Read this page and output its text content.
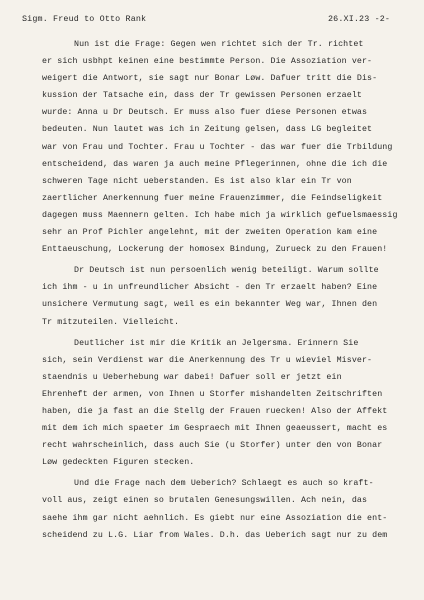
Sigm. Freud to Otto Rank	26.XI.23 -2-
Nun ist die Frage: Gegen wen richtet sich der Tr. richtet
er sich usbhpt keinen eine bestimmte Person. Die Assoziation ver-
weigert die Antwort, sie sagt nur Bonar Løw. Dafuer tritt die Dis-
kussion der Tatsache ein, dass der Tr gewissen Personen erzaelt
wurde: Anna u Dr Deutsch. Er muss also fuer diese Personen etwas
bedeuten. Nun lautet was ich in Zeitung gelsen, dass LG begleitet
war von Frau und Tochter. Frau u Tochter - das war fuer die Trbildung
entscheidend, das waren ja auch meine Pflegerinnen, ohne die ich die
schweren Tage nicht ueberstanden. Es ist also klar ein Tr von
zaertlicher Anerkennung fuer meine Frauenzimmer, die Feindseligkeit
dagegen muss Maennern gelten. Ich habe mich ja wirklich gefuelsmaessig
sehr an Prof Pichler angelehnt, mit der zweiten Operation kam eine
Enttaeuschung, Lockerung der homosex Bindung, Zurueck zu den Frauen!
Dr Deutsch ist nun persoenlich wenig beteiligt. Warum sollte
ich ihm - u in unfreundlicher Absicht - den Tr erzaelt haben? Eine
unsichere Vermutung sagt, weil es ein bekannter Weg war, Ihnen den
Tr mitzuteilen. Vielleicht.
Deutlicher ist mir die Kritik an Jelgersma. Erinnern Sie
sich, sein Verdienst war die Anerkennung des Tr u wieviel Misver-
staendnis u Ueberhebung war dabei! Dafuer soll er jetzt ein
Ehrenheft der armen, von Ihnen u Storfer mishandelten Zeitschriften
haben, die ja fast an die Stellg der Frauen ruecken! Also der Affekt
mit dem ich mich spaeter im Gespraech mit Ihnen geaeussert, macht es
recht wahrscheinlich, dass auch Sie (u Storfer) unter den von Bonar
Løw gedeckten Figuren stecken.
Und die Frage nach dem Ueberich? Schlaegt es auch so kraft-
voll aus, zeigt einen so brutalen Genesungswillen. Ach nein, das
saehe ihm gar nicht aehnlich. Es giebt nur eine Assoziation die ent-
scheidend zu L.G. Liar from Wales. D.h. das Ueberich sagt nur zu dem
